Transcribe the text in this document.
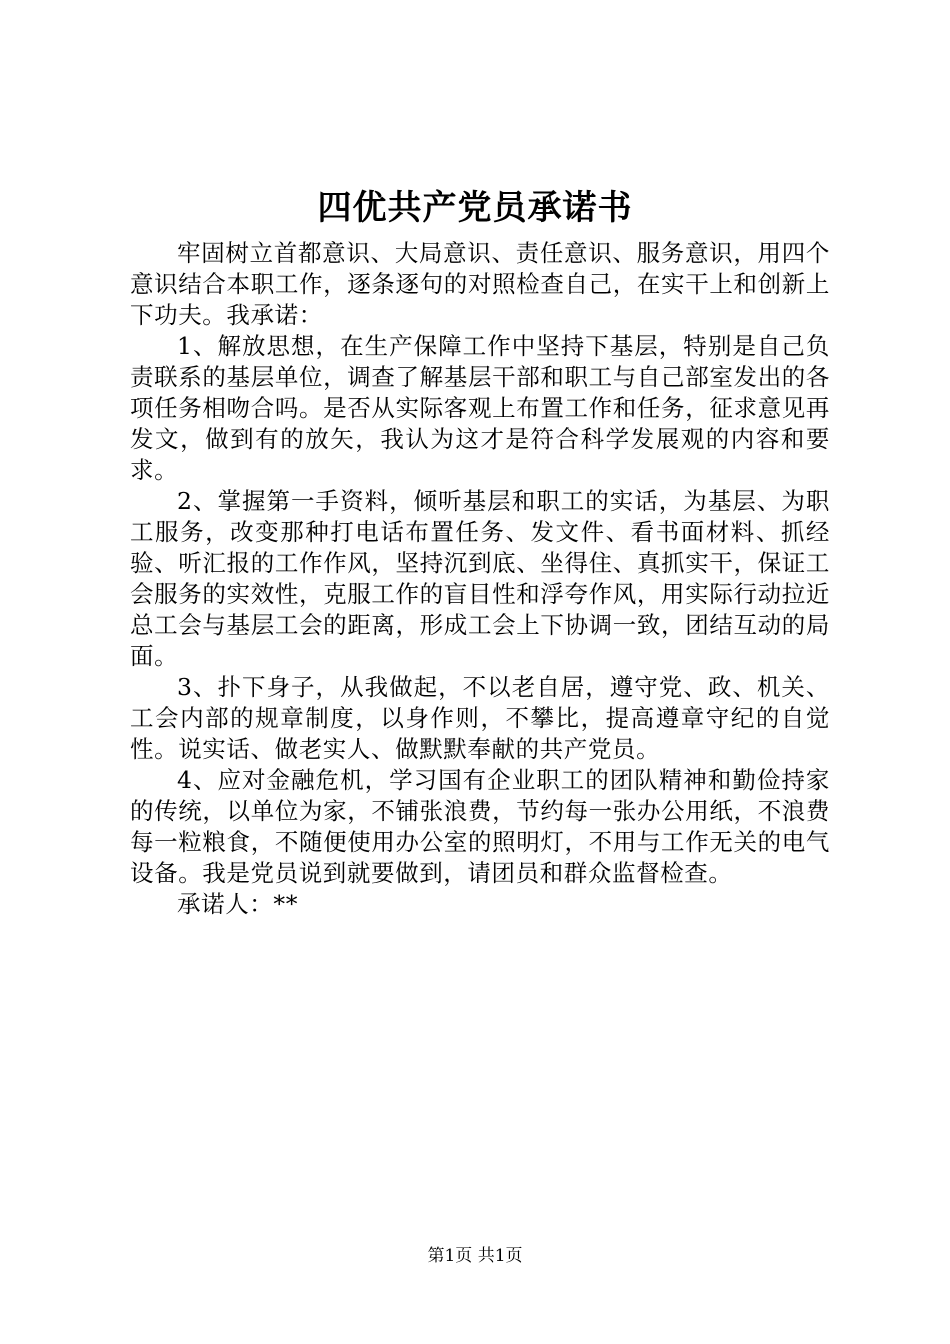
四优共产党员承诺书

牢固树立首都意识、大局意识、责任意识、服务意识，用四个意识结合本职工作，逐条逐句的对照检查自己，在实干上和创新上下功夫。我承诺：

1、解放思想，在生产保障工作中坚持下基层，特别是自己负责联系的基层单位，调查了解基层干部和职工与自己部室发出的各项任务相吻合吗。是否从实际客观上布置工作和任务，征求意见再发文，做到有的放矢，我认为这才是符合科学发展观的内容和要求。

2、掌握第一手资料，倾听基层和职工的实话，为基层、为职工服务，改变那种打电话布置任务、发文件、看书面材料、抓经验、听汇报的工作作风，坚持沉到底、坐得住、真抓实干，保证工会服务的实效性，克服工作的盲目性和浮夸作风，用实际行动拉近总工会与基层工会的距离，形成工会上下协调一致，团结互动的局面。

3、扑下身子，从我做起，不以老自居，遵守党、政、机关、工会内部的规章制度，以身作则，不攀比，提高遵章守纪的自觉性。说实话、做老实人、做默默奉献的共产党员。

4、应对金融危机，学习国有企业职工的团队精神和勤俭持家的传统，以单位为家，不铺张浪费，节约每一张办公用纸，不浪费每一粒粮食，不随便使用办公室的照明灯，不用与工作无关的电气设备。我是党员说到就要做到，请团员和群众监督检查。

承诺人：**

第1页 共1页
